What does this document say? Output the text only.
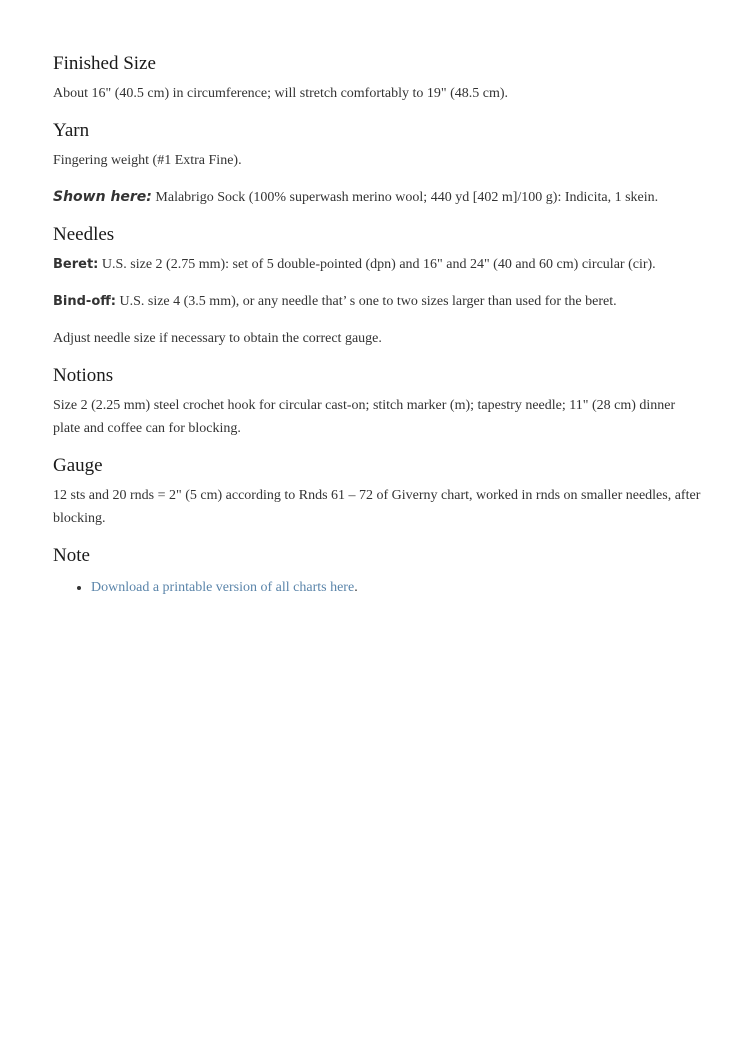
Finished Size

About 16" (40.5 cm) in circumference; will stretch comfortably to 19" (48.5 cm).

Yarn

Fingering weight (#1 Extra Fine).

Shown here: Malabrigo Sock (100% superwash merino wool; 440 yd [402 m]/100 g): Indicita, 1 skein.

Needles

Beret: U.S. size 2 (2.75 mm): set of 5 double-pointed (dpn) and 16" and 24" (40 and 60 cm) circular (cir).

Bind-off: U.S. size 4 (3.5 mm), or any needle that’ s one to two sizes larger than used for the beret.

Adjust needle size if necessary to obtain the correct gauge.

Notions

Size 2 (2.25 mm) steel crochet hook for circular cast-on; stitch marker (m); tapestry needle; 11" (28 cm) dinner plate and coffee can for blocking.

Gauge

12 sts and 20 rnds = 2" (5 cm) according to Rnds 61 – 72 of Giverny chart, worked in rnds on smaller needles, after blocking.

Note
• Download a printable version of all charts here.
